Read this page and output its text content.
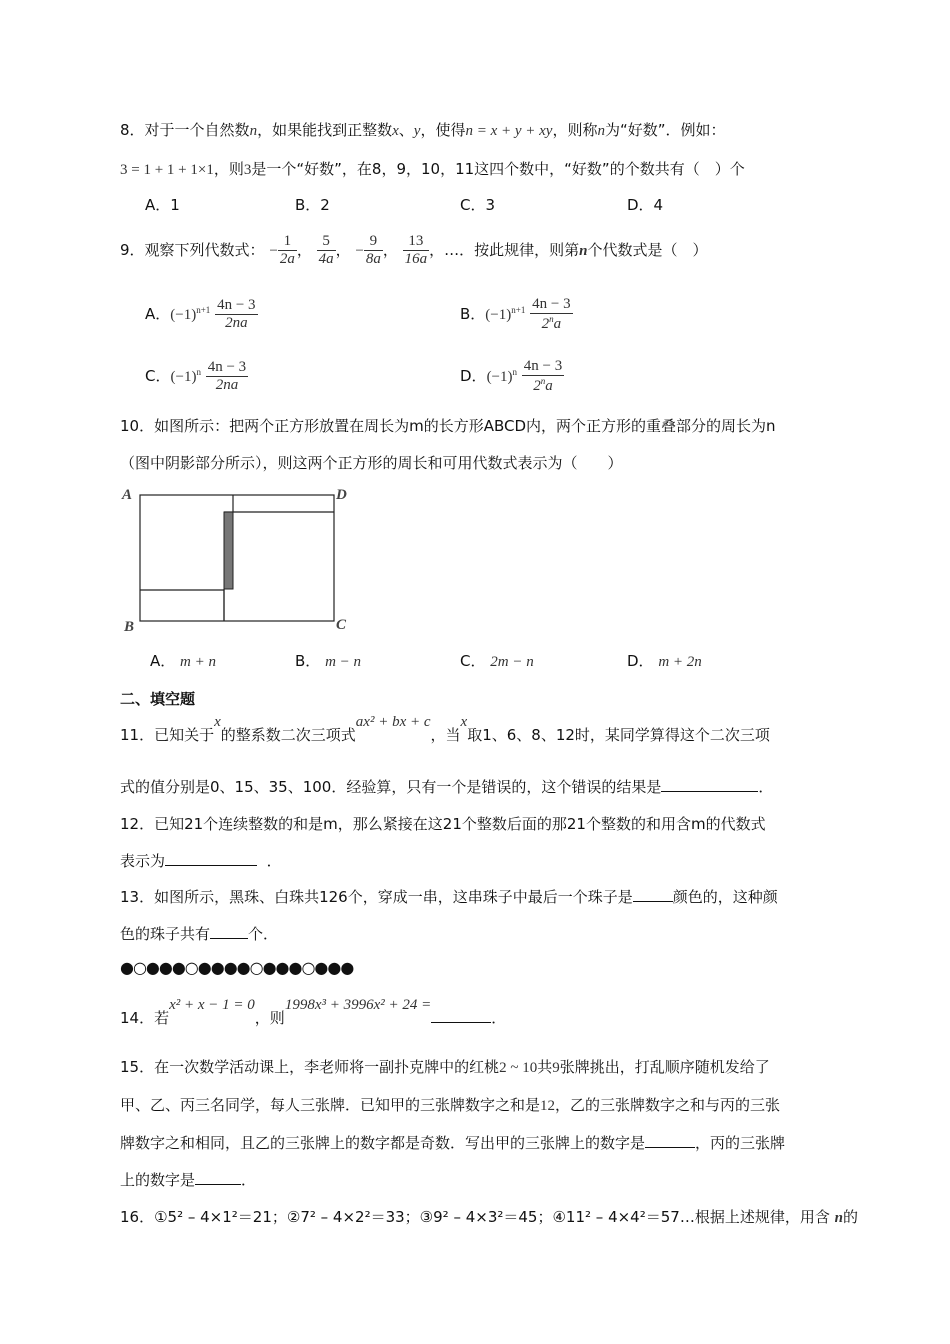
8．对于一个自然数n，如果能找到正整数x、y，使得n = x + y + xy，则称n为“好数”．例如：
3 = 1 + 1 + 1×1，则3是一个“好数”，在8，9，10，11这四个数中，“好数”的个数共有（　）个
A．1	B．2	C．3	D．4
9．观察下列代数式： − $\frac{1}{2a}$ ， $\frac{5}{4a}$ ， − $\frac{9}{8a}$ ， $\frac{13}{16a}$ ，…．按此规律，则第n个代数式是（　）
A．$(-1)^{n+1} \frac{4n - 3}{2na}$	B．$(-1)^{n+1} \frac{4n - 3}{2^na}$
C．$(-1)^n \frac{4n - 3}{2na}$	D．$(-1)^n \frac{4n - 3}{2^na}$
10．如图所示：把两个正方形放置在周长为m的长方形ABCD内，两个正方形的重叠部分的周长为n
（图中阴影部分所示），则这两个正方形的周长和可用代数式表示为（　　）
A	D
B	C
A． m + n	B． m − n	C． 2m − n	D． m + 2n
二、填空题
11．已知关于x的整系数二次三项式ax² + bx + c，当x取1、6、8、12时，某同学算得这个二次三项
式的值分别是0、15、35、100．经验算，只有一个是错误的，这个错误的结果是	．
12．已知21个连续整数的和是m，那么紧接在这21个整数后面的那21个整数的和用含m的代数式
表示为	．
13．如图所示，黑珠、白珠共126个，穿成一串，这串珠子中最后一个珠子是	颜色的，这种颜
色的珠子共有	个．
●○●●●○●●●●○●●●○●●●
14．若x² + x − 1 = 0，则1998x³ + 3996x² + 24 =．
15．在一次数学活动课上，李老师将一副扑克牌中的红桃2 ~ 10共9张牌挑出，打乱顺序随机发给了
甲、乙、丙三名同学，每人三张牌．已知甲的三张牌数字之和是12，乙的三张牌数字之和与丙的三张
牌数字之和相同，且乙的三张牌上的数字都是奇数．写出甲的三张牌上的数字是	，丙的三张牌
上的数字是	．
16．①5² – 4×1²＝21；②7² – 4×2²＝33；③9² – 4×3²＝45；④11² – 4×4²＝57…根据上述规律，用含 n的
